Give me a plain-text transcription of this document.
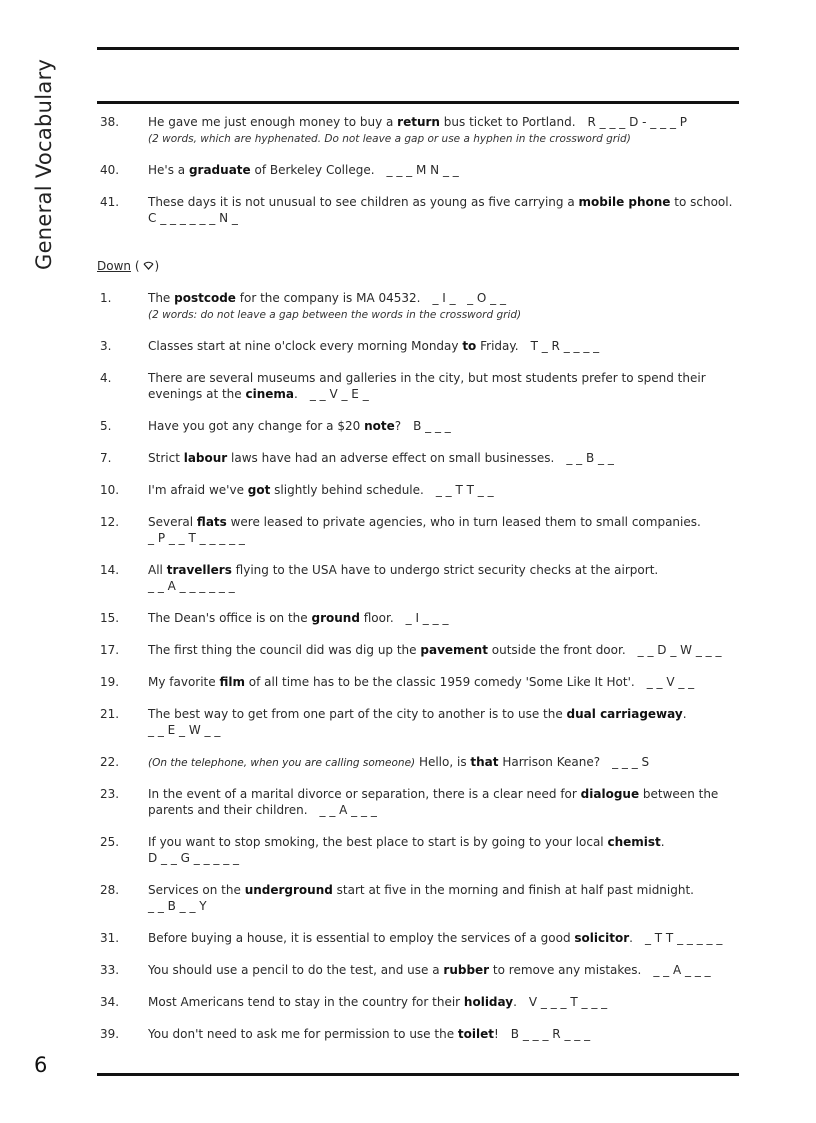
General Vocabulary	38. He gave me just enough money to buy a return bus ticket to Portland. R _ _ _ D - _ _ _ P
(2 words, which are hyphenated. Do not leave a gap or use a hyphen in the crossword grid)
40. He's a graduate of Berkeley College. _ _ _ M N _ _
41. These days it is not unusual to see children as young as five carrying a mobile phone to school.
C _ _ _ _ _ _ N _
Down ( )
1.	The postcode for the company is MA 04532. _ I _   _ O _ _
(2 words: do not leave a gap between the words in the crossword grid)
3.	Classes start at nine o'clock every morning Monday to Friday. T _ R _ _ _ _
4.	There are several museums and galleries in the city, but most students prefer to spend their evenings at the cinema. _ _ V _ E _
5.	Have you got any change for a $20 note? B _ _ _
7.	Strict labour laws have had an adverse effect on small businesses. _ _ B _ _
10. I'm afraid we've got slightly behind schedule. _ _ T T _ _
12. Several flats were leased to private agencies, who in turn leased them to small companies.
_ P _ _ T _ _ _ _ _
14. All travellers flying to the USA have to undergo strict security checks at the airport.
_ _ A _ _ _ _ _ _
15. The Dean's office is on the ground floor. _ I _ _ _
17. The first thing the council did was dig up the pavement outside the front door. _ _ D _ W _ _ _
19. My favorite film of all time has to be the classic 1959 comedy 'Some Like It Hot'. _ _ V _ _
21. The best way to get from one part of the city to another is to use the dual carriageway.
_ _ E _ W _ _
22.	(On the telephone, when you are calling someone) Hello, is that Harrison Keane? _ _ _ S
23. In the event of a marital divorce or separation, there is a clear need for dialogue between the parents and their children. _ _ A _ _ _
25. If you want to stop smoking, the best place to start is by going to your local chemist.
D _ _ G _ _ _ _ _
28. Services on the underground start at five in the morning and finish at half past midnight.
_ _ B _ _ Y
31. Before buying a house, it is essential to employ the services of a good solicitor. _ T T _ _ _ _ _
33. You should use a pencil to do the test, and use a rubber to remove any mistakes. _ _ A _ _ _
34. Most Americans tend to stay in the country for their holiday. V _ _ _ T _ _ _
39. You don't need to ask me for permission to use the toilet! B _ _ _ R _ _ _
6
